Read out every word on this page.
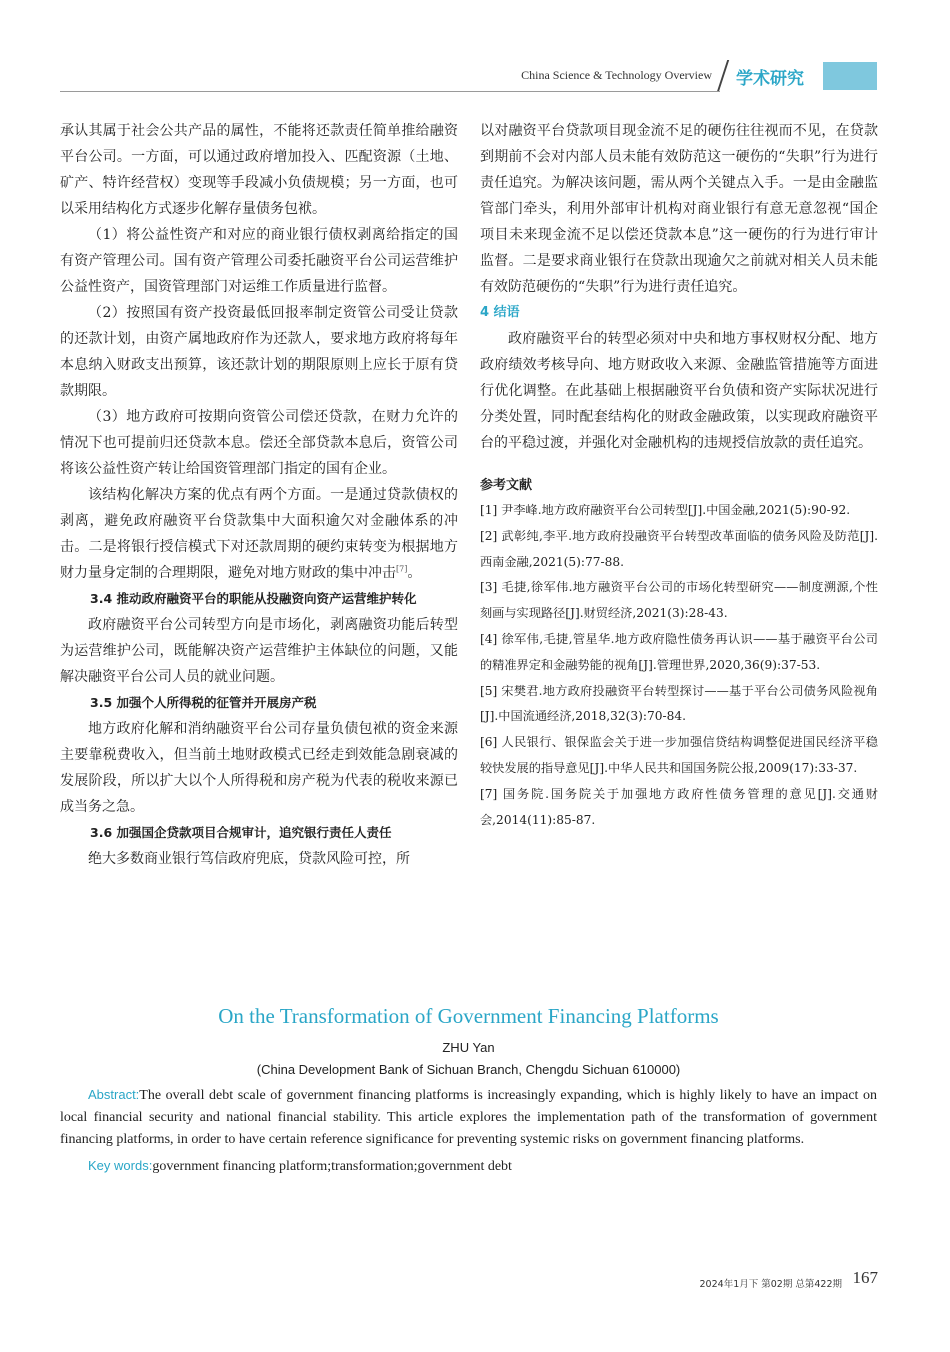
China Science & Technology Overview 学术研究

承认其属于社会公共产品的属性，不能将还款责任简单推给融资平台公司。一方面，可以通过政府增加投入、匹配资源（土地、矿产、特许经营权）变现等手段减小负债规模；另一方面，也可以采用结构化方式逐步化解存量债务包袱。

（1）将公益性资产和对应的商业银行债权剥离给指定的国有资产管理公司。国有资产管理公司委托融资平台公司运营维护公益性资产，国资管理部门对运维工作质量进行监督。

（2）按照国有资产投资最低回报率制定资管公司受让贷款的还款计划，由资产属地政府作为还款人，要求地方政府将每年本息纳入财政支出预算，该还款计划的期限原则上应长于原有贷款期限。

（3）地方政府可按期向资管公司偿还贷款，在财力允许的情况下也可提前归还贷款本息。偿还全部贷款本息后，资管公司将该公益性资产转让给国资管理部门指定的国有企业。

该结构化解决方案的优点有两个方面。一是通过贷款债权的剥离，避免政府融资平台贷款集中大面积逾欠对金融体系的冲击。二是将银行授信模式下对还款周期的硬约束转变为根据地方财力量身定制的合理期限，避免对地方财政的集中冲击[7]。

3.4 推动政府融资平台的职能从投融资向资产运营维护转化

政府融资平台公司转型方向是市场化，剥离融资功能后转型为运营维护公司，既能解决资产运营维护主体缺位的问题，又能解决融资平台公司人员的就业问题。

3.5 加强个人所得税的征管并开展房产税

地方政府化解和消纳融资平台公司存量负债包袱的资金来源主要靠税费收入，但当前土地财政模式已经走到效能急剧衰减的发展阶段，所以扩大以个人所得税和房产税为代表的税收来源已成当务之急。

3.6 加强国企贷款项目合规审计，追究银行责任人责任

绝大多数商业银行笃信政府兜底，贷款风险可控，所

以对融资平台贷款项目现金流不足的硬伤往往视而不见，在贷款到期前不会对内部人员未能有效防范这一硬伤的“失职”行为进行责任追究。为解决该问题，需从两个关键点入手。一是由金融监管部门牵头，利用外部审计机构对商业银行有意无意忽视“国企项目未来现金流不足以偿还贷款本息”这一硬伤的行为进行审计监督。二是要求商业银行在贷款出现逾欠之前就对相关人员未能有效防范硬伤的“失职”行为进行责任追究。

4 结语

政府融资平台的转型必须对中央和地方事权财权分配、地方政府绩效考核导向、地方财政收入来源、金融监管措施等方面进行优化调整。在此基础上根据融资平台负债和资产实际状况进行分类处置，同时配套结构化的财政金融政策，以实现政府融资平台的平稳过渡，并强化对金融机构的违规授信放款的责任追究。

参考文献

[1] 尹李峰.地方政府融资平台公司转型[J].中国金融,2021(5):90-92.

[2] 武彰纯,李平.地方政府投融资平台转型改革面临的债务风险及防范[J].西南金融,2021(5):77-88.

[3] 毛捷,徐军伟.地方融资平台公司的市场化转型研究——制度溯源,个性刻画与实现路径[J].财贸经济,2021(3):28-43.

[4] 徐军伟,毛捷,管星华.地方政府隐性债务再认识——基于融资平台公司的精准界定和金融势能的视角[J].管理世界,2020,36(9):37-53.

[5] 宋樊君.地方政府投融资平台转型探讨——基于平台公司债务风险视角[J].中国流通经济,2018,32(3):70-84.

[6] 人民银行、银保监会关于进一步加强信贷结构调整促进国民经济平稳较快发展的指导意见[J].中华人民共和国国务院公报,2009(17):33-37.

[7] 国务院.国务院关于加强地方政府性债务管理的意见[J].交通财会,2014(11):85-87.

On the Transformation of Government Financing Platforms

ZHU Yan

(China Development Bank of Sichuan Branch, Chengdu Sichuan 610000)

Abstract:The overall debt scale of government financing platforms is increasingly expanding, which is highly likely to have an impact on local financial security and national financial stability. This article explores the implementation path of the transformation of government financing platforms, in order to have certain reference significance for preventing systemic risks on government financing platforms.

Key words:government financing platform;transformation;government debt

2024年1月下 第02期 总第422期 167
